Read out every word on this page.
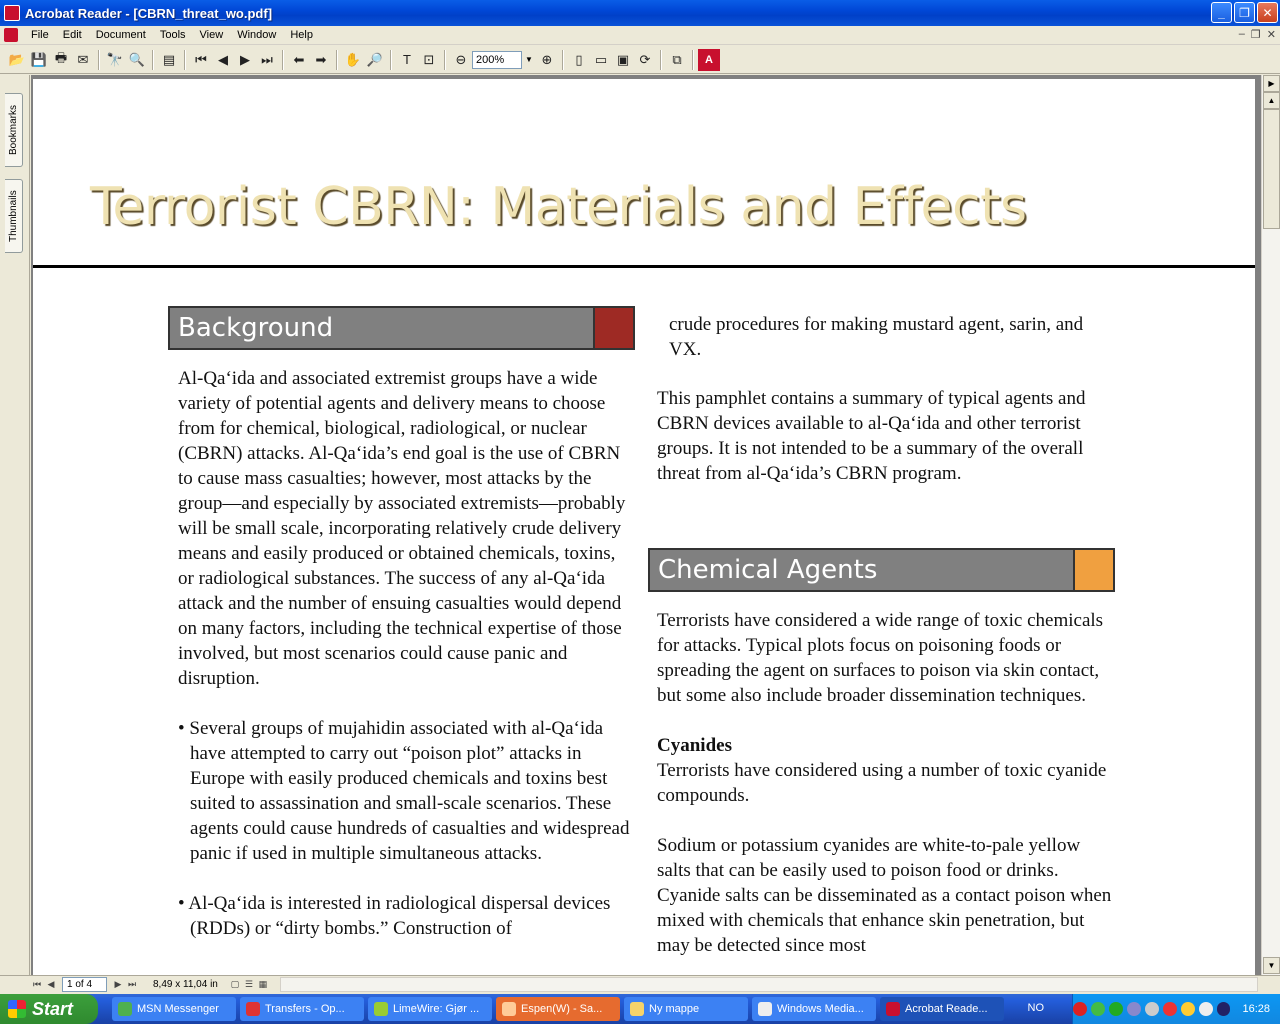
Acrobat Reader - [CBRN_threat_wo.pdf]	_	❐	✕
File	Edit	Document	Tools	View	Window	Help	– ❐ ✕
📂 💾 🖶 ✉	🔭 🔍	▤	⏮ ◀ ▶ ⏭	⬅ ➡	✋ 🔎	T ⊡	⊖ 200%	▼ ⊕	▯ ▭ ▣ ⟳	⧉	A
Bookmarks
Thumbnails Terrorist CBRN: Materials and Effects
Background

Al-Qa‘ida and associated extremist groups have a wide variety of potential agents and delivery means to choose from for chemical, biological, radiological, or nuclear (CBRN) attacks. Al-Qa‘ida’s end goal is the use of CBRN to cause mass casualties; however, most attacks by the group—and especially by associated extremists—probably will be small scale, incorporating relatively crude delivery means and easily produced or obtained chemicals, toxins, or radiological substances. The success of any al-Qa‘ida attack and the number of ensuing casualties would depend on many factors, including the technical expertise of those involved, but most scenarios could cause panic and disruption.

• Several groups of mujahidin associated with al-Qa‘ida have attempted to carry out “poison plot” attacks in Europe with easily produced chemicals and toxins best suited to assassination and small-scale scenarios. These agents could cause hundreds of casualties and widespread panic if used in multiple simultaneous attacks.

• Al-Qa‘ida is interested in radiological dispersal devices (RDDs) or “dirty bombs.” Construction of

crude procedures for making mustard agent, sarin, and VX.

This pamphlet contains a summary of typical agents and CBRN devices available to al-Qa‘ida and other terrorist groups. It is not intended to be a summary of the overall threat from al-Qa‘ida’s CBRN program.

Chemical Agents

Terrorists have considered a wide range of toxic chemicals for attacks. Typical plots focus on poisoning foods or spreading the agent on surfaces to poison via skin contact, but some also include broader dissemination techniques.

Cyanides

Terrorists have considered using a number of toxic cyanide compounds.

Sodium or potassium cyanides are white-to-pale yellow salts that can be easily used to poison food or drinks. Cyanide salts can be disseminated as a contact poison when mixed with chemicals that enhance skin penetration, but may be detected since most

▶
▲
▼
⏮ ◀	1 of 4	▶ ⏭ 8,49 x 11,04 in	▢ ☰ ▦
Start	MSN Messenger	Transfers - Op...	LimeWire: Gjør ...	Espen(W) - Sa...	Ny mappe	Windows Media...	Acrobat Reade...	NO	16:28
